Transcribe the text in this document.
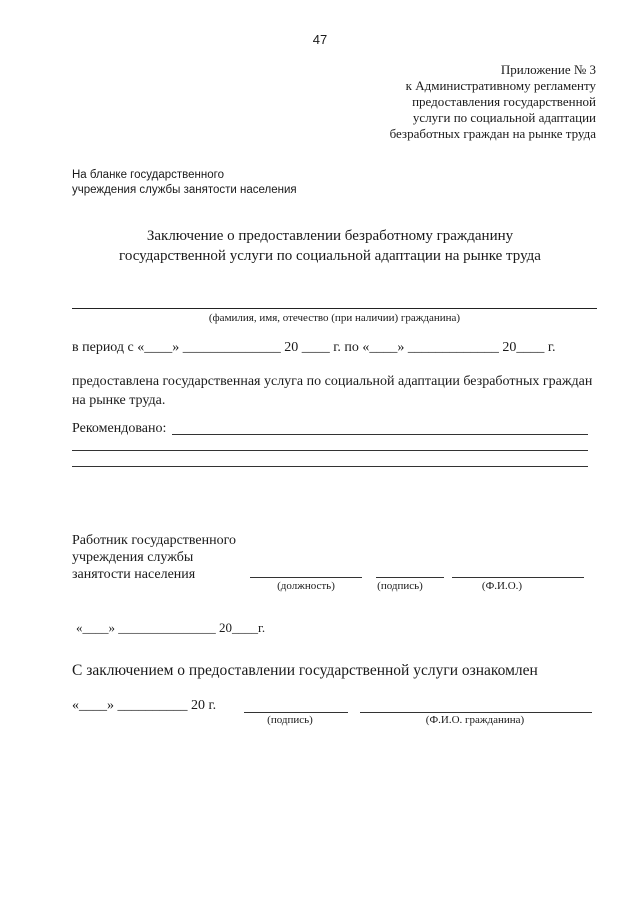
47
Приложение № 3
к Административному регламенту
предоставления государственной
услуги по социальной адаптации
безработных граждан на рынке труда
На бланке государственного
учреждения службы занятости населения
Заключение о предоставлении безработному гражданину
государственной услуги по социальной адаптации на рынке труда
(фамилия, имя, отечество (при наличии) гражданина)
в период с «____» ______________ 20 ____ г. по «____» _____________ 20____ г.
предоставлена государственная услуга по социальной адаптации безработных граждан
на рынке труда.
Рекомендовано:
Работник государственного
учреждения службы
занятости населения
(должность)	(подпись)	(Ф.И.О.)
«____» _______________ 20____г.
С заключением о предоставлении государственной услуги ознакомлен
«____» __________ 20 г.
(подпись)	(Ф.И.О. гражданина)
